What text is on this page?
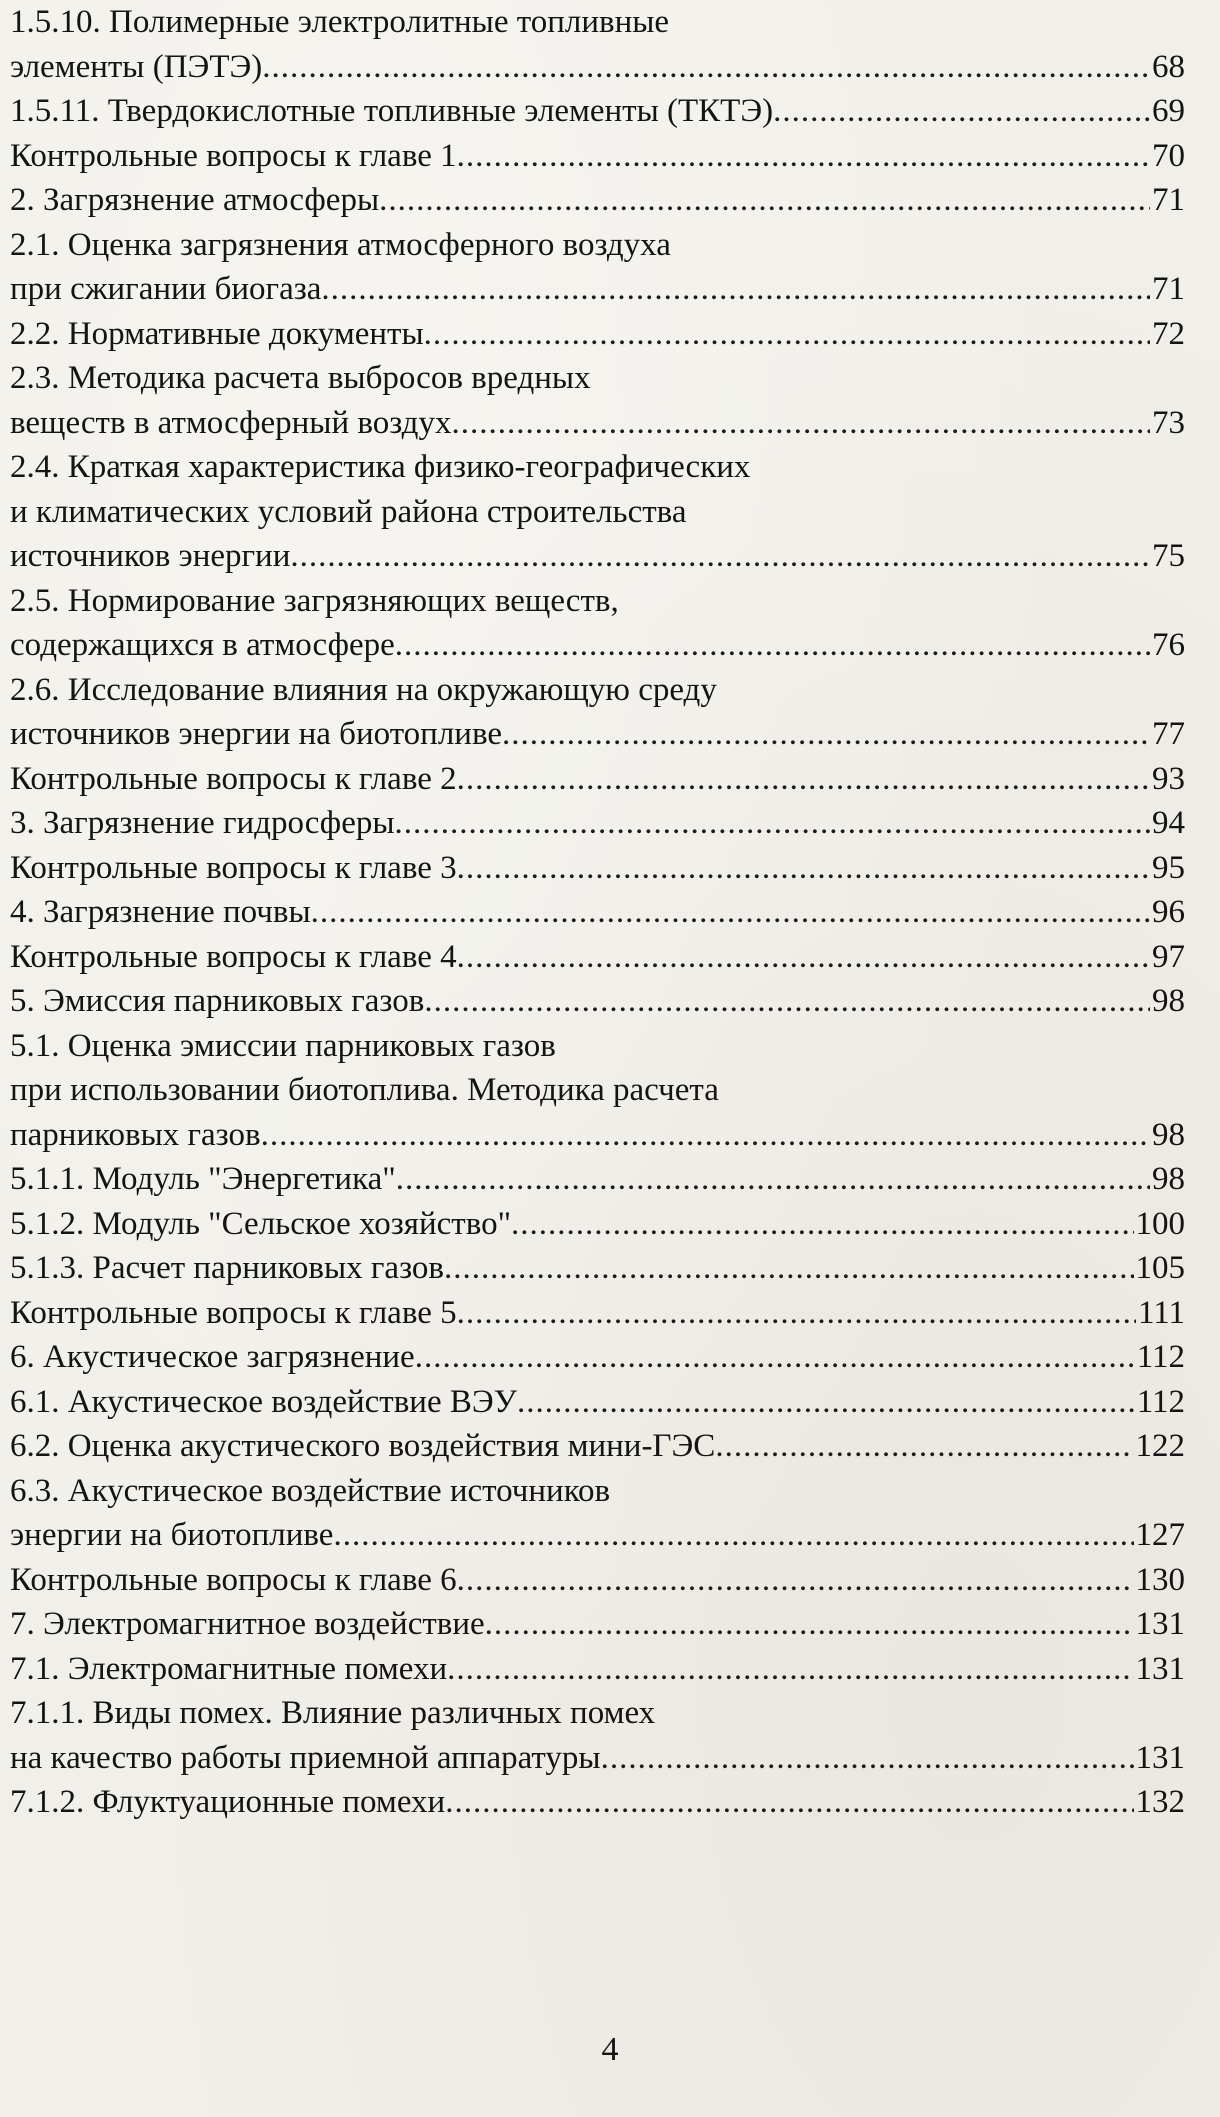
1.5.10. Полимерные электролитные топливные
элементы (ПЭТЭ) .....	68
1.5.11. Твердокислотные топливные элементы (ТКТЭ) .....	69
Контрольные вопросы к главе 1 .....	70
2. Загрязнение атмосферы .....	71
2.1. Оценка загрязнения атмосферного воздуха
при сжигании биогаза .....	71
2.2. Нормативные документы .....	72
2.3. Методика расчета выбросов вредных
веществ в атмосферный воздух .....	73
2.4. Краткая характеристика физико-географических
и климатических условий района строительства
источников энергии .....	75
2.5. Нормирование загрязняющих веществ,
содержащихся в атмосфере .....	76
2.6. Исследование влияния на окружающую среду
источников энергии на биотопливе .....	77
Контрольные вопросы к главе 2 .....	93
3. Загрязнение гидросферы .....	94
Контрольные вопросы к главе 3 .....	95
4. Загрязнение почвы .....	96
Контрольные вопросы к главе 4 .....	97
5. Эмиссия парниковых газов .....	98
5.1. Оценка эмиссии парниковых газов
при использовании биотоплива. Методика расчета
парниковых газов .....	98
5.1.1. Модуль "Энергетика" .....	98
5.1.2. Модуль "Сельское хозяйство" .....	100
5.1.3. Расчет парниковых газов .....	105
Контрольные вопросы к главе 5 .....	111
6. Акустическое загрязнение .....	112
6.1. Акустическое воздействие ВЭУ .....	112
6.2. Оценка акустического воздействия мини-ГЭС .....	122
6.3. Акустическое воздействие источников
энергии на биотопливе .....	127
Контрольные вопросы к главе 6 .....	130
7. Электромагнитное воздействие .....	131
7.1. Электромагнитные помехи .....	131
7.1.1. Виды помех. Влияние различных помех
на качество работы приемной аппаратуры .....	131
7.1.2. Флуктуационные помехи .....	132
4
